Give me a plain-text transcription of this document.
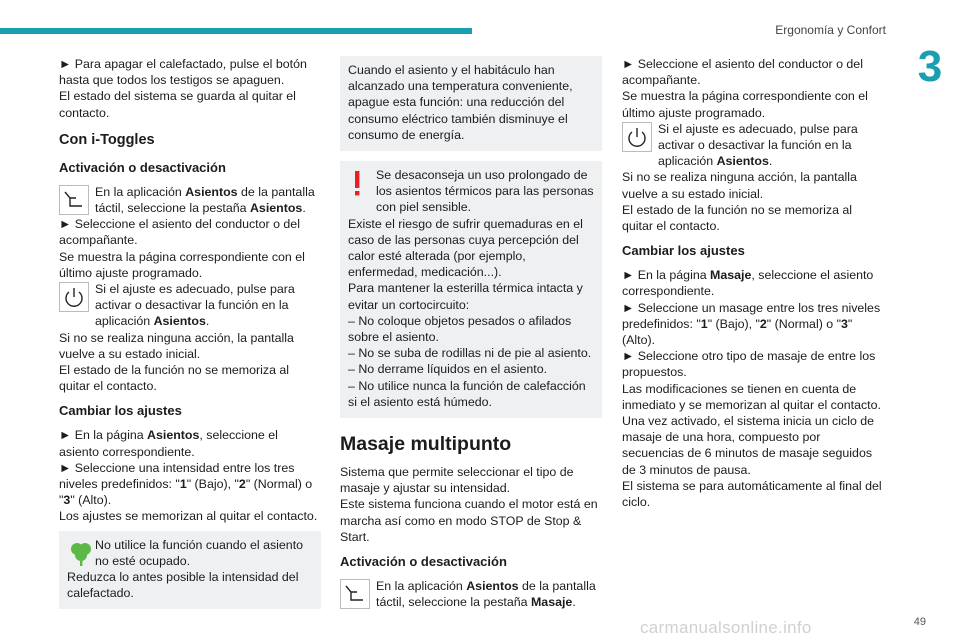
Ergonomía y Confort
3

► Para apagar el calefactado, pulse el botón hasta que todos los testigos se apaguen.

El estado del sistema se guarda al quitar el contacto.

Con i-Toggles
Activación o desactivación
En la aplicación Asientos de la pantalla táctil, seleccione la pestaña Asientos.

► Seleccione el asiento del conductor o del acompañante.

Se muestra la página correspondiente con el último ajuste programado.

Si el ajuste es adecuado, pulse para activar o desactivar la función en la aplicación Asientos.

Si no se realiza ninguna acción, la pantalla vuelve a su estado inicial.

El estado de la función no se memoriza al quitar el contacto.

Cambiar los ajustes

► En la página Asientos, seleccione el asiento correspondiente.

► Seleccione una intensidad entre los tres niveles predefinidos: "1" (Bajo), "2" (Normal) o "3" (Alto).

Los ajustes se memorizan al quitar el contacto.

No utilice la función cuando el asiento no esté ocupado.

Reduzca lo antes posible la intensidad del calefactado.

Cuando el asiento y el habitáculo han alcanzado una temperatura conveniente, apague esta función: una reducción del consumo eléctrico también disminuye el consumo de energía.

Se desaconseja un uso prolongado de los asientos térmicos para las personas con piel sensible.

Existe el riesgo de sufrir quemaduras en el caso de las personas cuya percepción del calor esté alterada (por ejemplo, enfermedad, medicación...).

Para mantener la esterilla térmica intacta y evitar un cortocircuito:

– No coloque objetos pesados o afilados sobre el asiento.

– No se suba de rodillas ni de pie al asiento.

– No derrame líquidos en el asiento.

– No utilice nunca la función de calefacción si el asiento está húmedo.

Masaje multipunto

Sistema que permite seleccionar el tipo de masaje y ajustar su intensidad.

Este sistema funciona cuando el motor está en marcha así como en modo STOP de Stop & Start.

Activación o desactivación
En la aplicación Asientos de la pantalla táctil, seleccione la pestaña Masaje.

► Seleccione el asiento del conductor o del acompañante.

Se muestra la página correspondiente con el último ajuste programado.

Si el ajuste es adecuado, pulse para activar o desactivar la función en la aplicación Asientos.

Si no se realiza ninguna acción, la pantalla vuelve a su estado inicial.

El estado de la función no se memoriza al quitar el contacto.

Cambiar los ajustes

► En la página Masaje, seleccione el asiento correspondiente.

► Seleccione un masage entre los tres niveles predefinidos: "1" (Bajo), "2" (Normal) o "3" (Alto).

► Seleccione otro tipo de masaje de entre los propuestos.

Las modificaciones se tienen en cuenta de inmediato y se memorizan al quitar el contacto.

Una vez activado, el sistema inicia un ciclo de masaje de una hora, compuesto por secuencias de 6 minutos de masaje seguidos de 3 minutos de pausa.

El sistema se para automáticamente al final del ciclo.

carmanualsonline.info	49
